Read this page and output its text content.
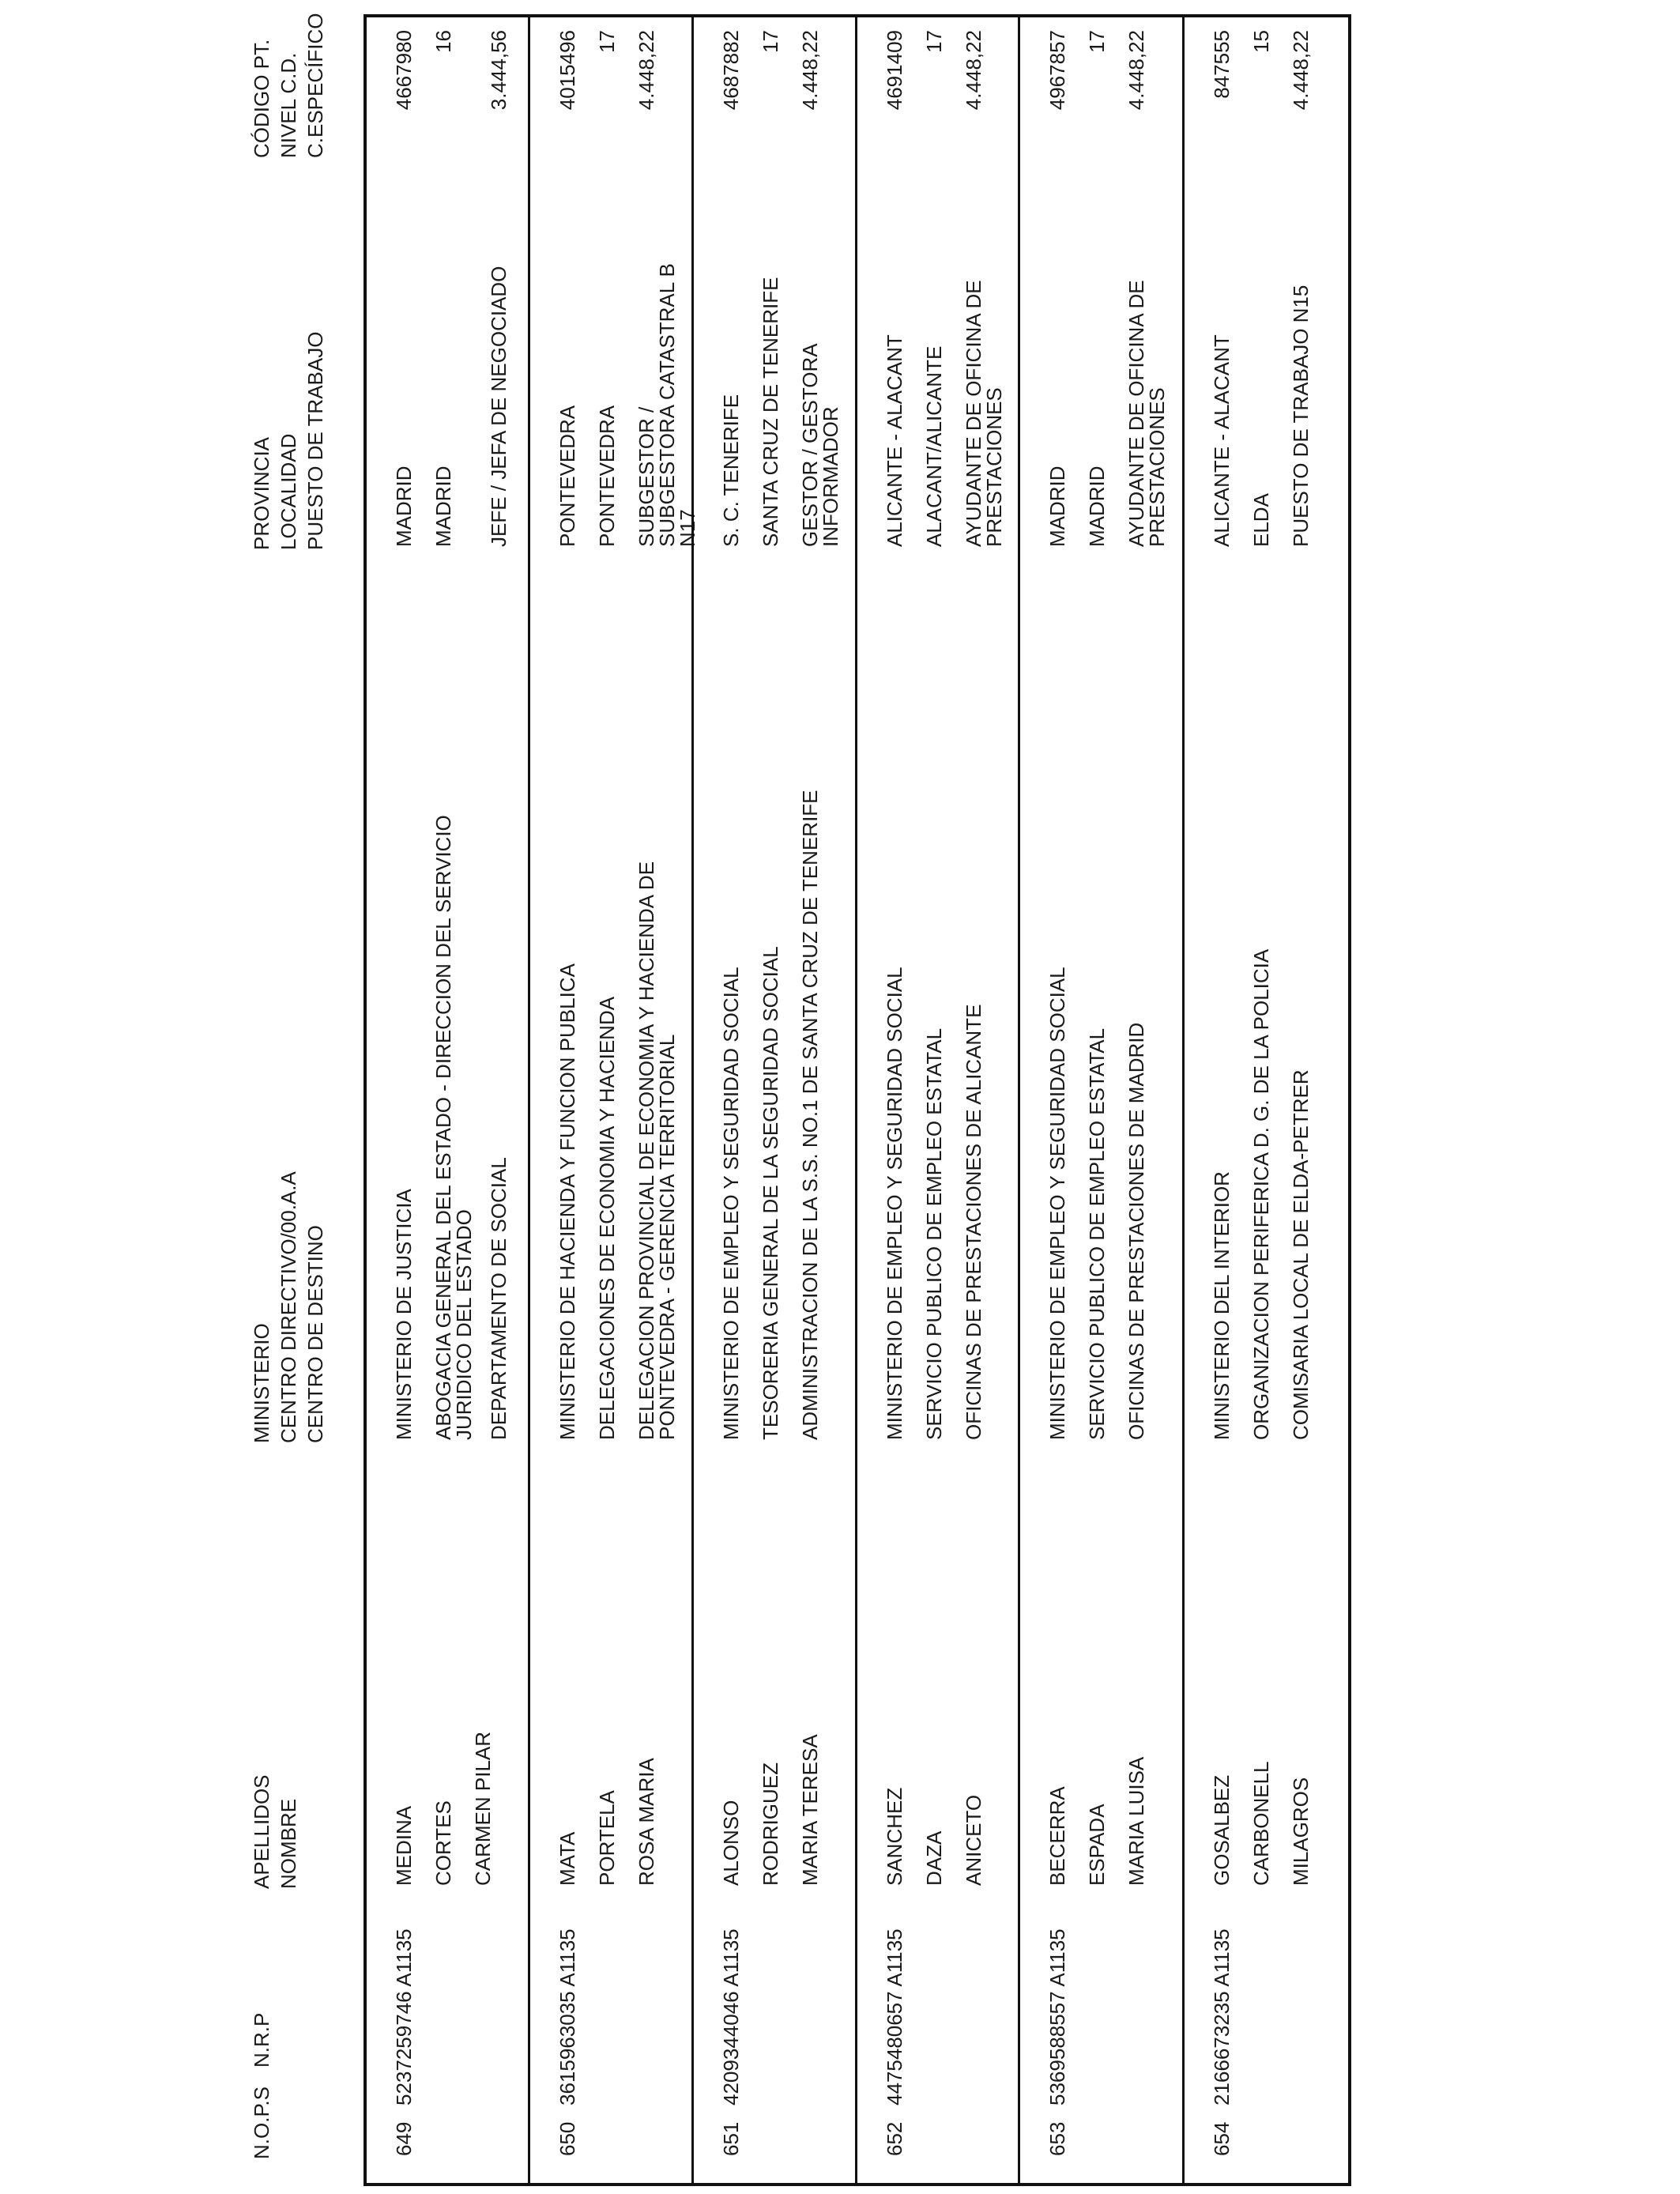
N.O.P.S
N.R.P
APELLIDOS NOMBRE
MINISTERIO CENTRO DIRECTIVO/00.A.A CENTRO DE DESTINO
PROVINCIA LOCALIDAD PUESTO DE TRABAJO
CÓDIGO PT. NIVEL C.D. C.ESPECÍFICO
649
5237259746 A1135
MEDINA CORTES CARMEN PILAR
MINISTERIO DE JUSTICIA ABOGACIA GENERAL DEL ESTADO - DIRECCION DEL SERVICIO JURIDICO DEL ESTADO DEPARTAMENTO DE SOCIAL
MADRID MADRID JEFE / JEFA DE NEGOCIADO
4667980 16 3.444,56
650
3615963035 A1135
MATA PORTELA ROSA MARIA
MINISTERIO DE HACIENDA Y FUNCION PUBLICA DELEGACIONES DE ECONOMIA Y HACIENDA DELEGACION PROVINCIAL DE ECONOMIA Y HACIENDA DE PONTEVEDRA - GERENCIA TERRITORIAL
PONTEVEDRA PONTEVEDRA SUBGESTOR / SUBGESTORA CATASTRAL B N17
4015496 17 4.448,22
651
4209344046 A1135
ALONSO RODRIGUEZ MARIA TERESA
MINISTERIO DE EMPLEO Y SEGURIDAD SOCIAL TESORERIA GENERAL DE LA SEGURIDAD SOCIAL ADMINISTRACION DE LA S.S. NO.1 DE SANTA CRUZ DE TENERIFE
S. C. TENERIFE SANTA CRUZ DE TENERIFE GESTOR / GESTORA INFORMADOR
4687882 17 4.448,22
652
4475480657 A1135
SANCHEZ DAZA ANICETO
MINISTERIO DE EMPLEO Y SEGURIDAD SOCIAL SERVICIO PUBLICO DE EMPLEO ESTATAL OFICINAS DE PRESTACIONES DE ALICANTE
ALICANTE - ALACANT ALACANT/ALICANTE AYUDANTE DE OFICINA DE PRESTACIONES
4691409 17 4.448,22
653
5369588557 A1135
BECERRA ESPADA MARIA LUISA
MINISTERIO DE EMPLEO Y SEGURIDAD SOCIAL SERVICIO PUBLICO DE EMPLEO ESTATAL OFICINAS DE PRESTACIONES DE MADRID
MADRID MADRID AYUDANTE DE OFICINA DE PRESTACIONES
4967857 17 4.448,22
654
2166673235 A1135
GOSALBEZ CARBONELL MILAGROS
MINISTERIO DEL INTERIOR ORGANIZACION PERIFERICA D. G. DE LA POLICIA COMISARIA LOCAL DE ELDA-PETRER
ALICANTE - ALACANT ELDA PUESTO DE TRABAJO N15
847555 15 4.448,22
